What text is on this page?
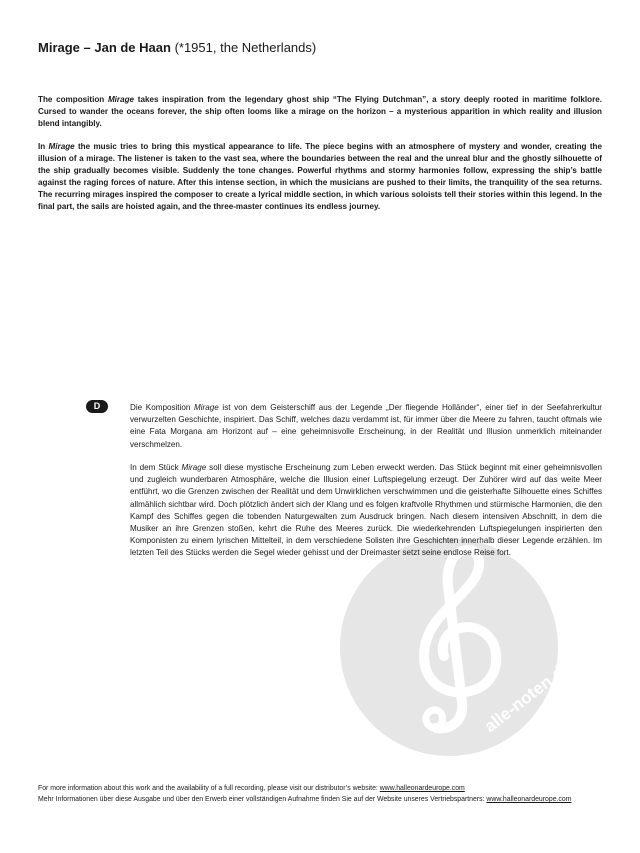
Mirage – Jan de Haan (*1951, the Netherlands)

The composition Mirage takes inspiration from the legendary ghost ship “The Flying Dutchman”, a story deeply rooted in maritime folklore. Cursed to wander the oceans forever, the ship often looms like a mirage on the horizon – a mysterious apparition in which reality and illusion blend intangibly.

In Mirage the music tries to bring this mystical appearance to life. The piece begins with an atmosphere of mystery and wonder, creating the illusion of a mirage. The listener is taken to the vast sea, where the boundaries between the real and the unreal blur and the ghostly silhouette of the ship gradually becomes visible. Suddenly the tone changes. Powerful rhythms and stormy harmonies follow, expressing the ship’s battle against the raging forces of nature. After this intense section, in which the musicians are pushed to their limits, the tranquility of the sea returns. The recurring mirages inspired the composer to create a lyrical middle section, in which various soloists tell their stories within this legend. In the final part, the sails are hoisted again, and the three-master continues its endless journey.

alle-noten.de
D	Die Komposition Mirage ist von dem Geisterschiff aus der Legende „Der fliegende Holländer“, einer tief in der Seefahrerkultur verwurzelten Geschichte, inspiriert. Das Schiff, welches dazu verdammt ist, für immer über die Meere zu fahren, taucht oftmals wie eine Fata Morgana am Horizont auf – eine geheimnisvolle Erscheinung, in der Realität und Illusion unmerklich miteinander verschmelzen.

In dem Stück Mirage soll diese mystische Erscheinung zum Leben erweckt werden. Das Stück beginnt mit einer geheimnisvollen und zugleich wunderbaren Atmosphäre, welche die Illusion einer Luftspiegelung erzeugt. Der Zuhörer wird auf das weite Meer entführt, wo die Grenzen zwischen der Realität und dem Unwirklichen verschwimmen und die geisterhafte Silhouette eines Schiffes allmählich sichtbar wird. Doch plötzlich ändert sich der Klang und es folgen kraftvolle Rhythmen und stürmische Harmonien, die den Kampf des Schiffes gegen die tobenden Naturgewalten zum Ausdruck bringen. Nach diesem intensiven Abschnitt, in dem die Musiker an ihre Grenzen stoßen, kehrt die Ruhe des Meeres zurück. Die wiederkehrenden Luftspiegelungen inspirierten den Komponisten zu einem lyrischen Mittelteil, in dem verschiedene Solisten ihre Geschichten innerhalb dieser Legende erzählen. Im letzten Teil des Stücks werden die Segel wieder gehisst und der Dreimaster setzt seine endlose Reise fort.

For more information about this work and the availability of a full recording, please visit our distributor’s website: www.halleonardeurope.com

Mehr Informationen über diese Ausgabe und über den Erwerb einer vollständigen Aufnahme finden Sie auf der Website unseres Vertriebspartners: www.halleonardeurope.com
